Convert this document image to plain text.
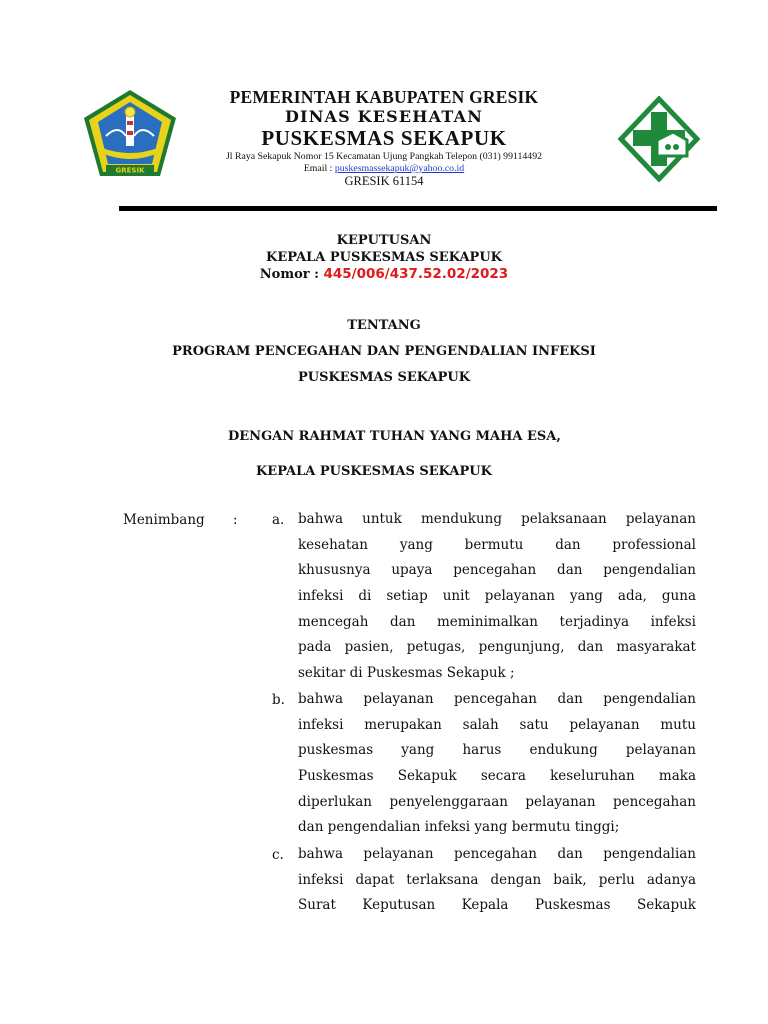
GRESIK
PEMERINTAH KABUPATEN GRESIK
DINAS KESEHATAN
PUSKESMAS SEKAPUK
Jl Raya Sekapuk Nomor 15 Kecamatan Ujung Pangkah Telepon (031) 99114492
Email : puskesmassekapuk@yahoo.co.id
GRESIK 61154
KEPUTUSAN
KEPALA PUSKESMAS SEKAPUK
Nomor : 445/006/437.52.02/2023
TENTANG
PROGRAM PENCEGAHAN DAN PENGENDALIAN INFEKSI
PUSKESMAS SEKAPUK
DENGAN RAHMAT TUHAN YANG MAHA ESA,
KEPALA PUSKESMAS SEKAPUK
Menimbang :	a. bahwa untuk mendukung pelaksanaan pelayanan
kesehatan yang bermutu dan professional
khususnya upaya pencegahan dan pengendalian
infeksi di setiap unit pelayanan yang ada, guna
mencegah dan meminimalkan terjadinya infeksi
pada pasien, petugas, pengunjung, dan masyarakat
sekitar di Puskesmas Sekapuk ;
b. bahwa pelayanan pencegahan dan pengendalian
infeksi merupakan salah satu pelayanan mutu
puskesmas yang harus endukung pelayanan
Puskesmas Sekapuk secara keseluruhan maka
diperlukan penyelenggaraan pelayanan pencegahan
dan pengendalian infeksi yang bermutu tinggi;
c. bahwa pelayanan pencegahan dan pengendalian
infeksi dapat terlaksana dengan baik, perlu adanya
Surat Keputusan Kepala Puskesmas Sekapuk
